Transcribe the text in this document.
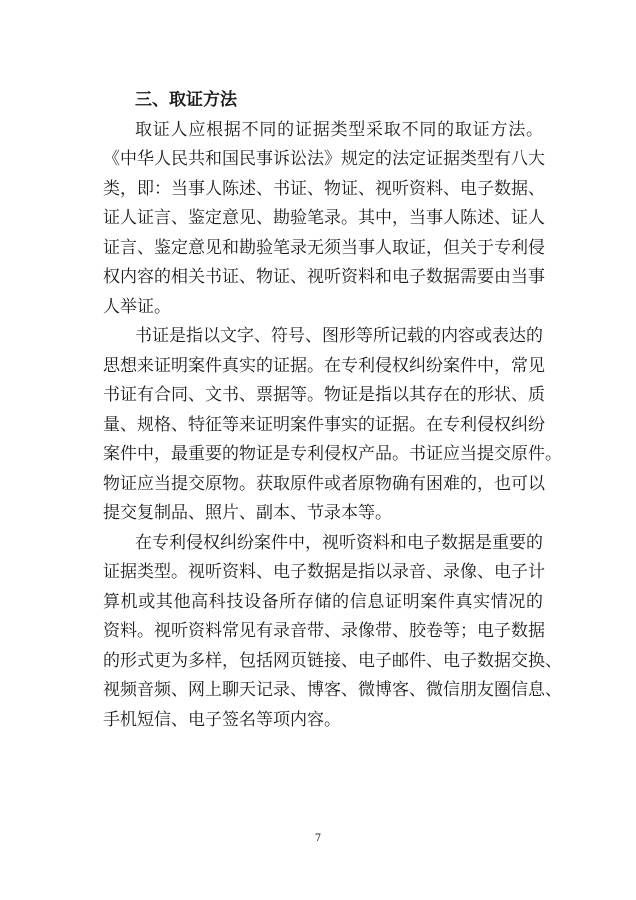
三、取证方法

取证人应根据不同的证据类型采取不同的取证方法。
《中华人民共和国民事诉讼法》规定的法定证据类型有八大
类，即：当事人陈述、书证、物证、视听资料、电子数据、
证人证言、鉴定意见、勘验笔录。其中，当事人陈述、证人
证言、鉴定意见和勘验笔录无须当事人取证，但关于专利侵
权内容的相关书证、物证、视听资料和电子数据需要由当事
人举证。

书证是指以文字、符号、图形等所记载的内容或表达的
思想来证明案件真实的证据。在专利侵权纠纷案件中，常见
书证有合同、文书、票据等。物证是指以其存在的形状、质
量、规格、特征等来证明案件事实的证据。在专利侵权纠纷
案件中，最重要的物证是专利侵权产品。书证应当提交原件。
物证应当提交原物。获取原件或者原物确有困难的，也可以
提交复制品、照片、副本、节录本等。

在专利侵权纠纷案件中，视听资料和电子数据是重要的
证据类型。视听资料、电子数据是指以录音、录像、电子计
算机或其他高科技设备所存储的信息证明案件真实情况的
资料。视听资料常见有录音带、录像带、胶卷等；电子数据
的形式更为多样，包括网页链接、电子邮件、电子数据交换、
视频音频、网上聊天记录、博客、微博客、微信朋友圈信息、
手机短信、电子签名等项内容。

7
